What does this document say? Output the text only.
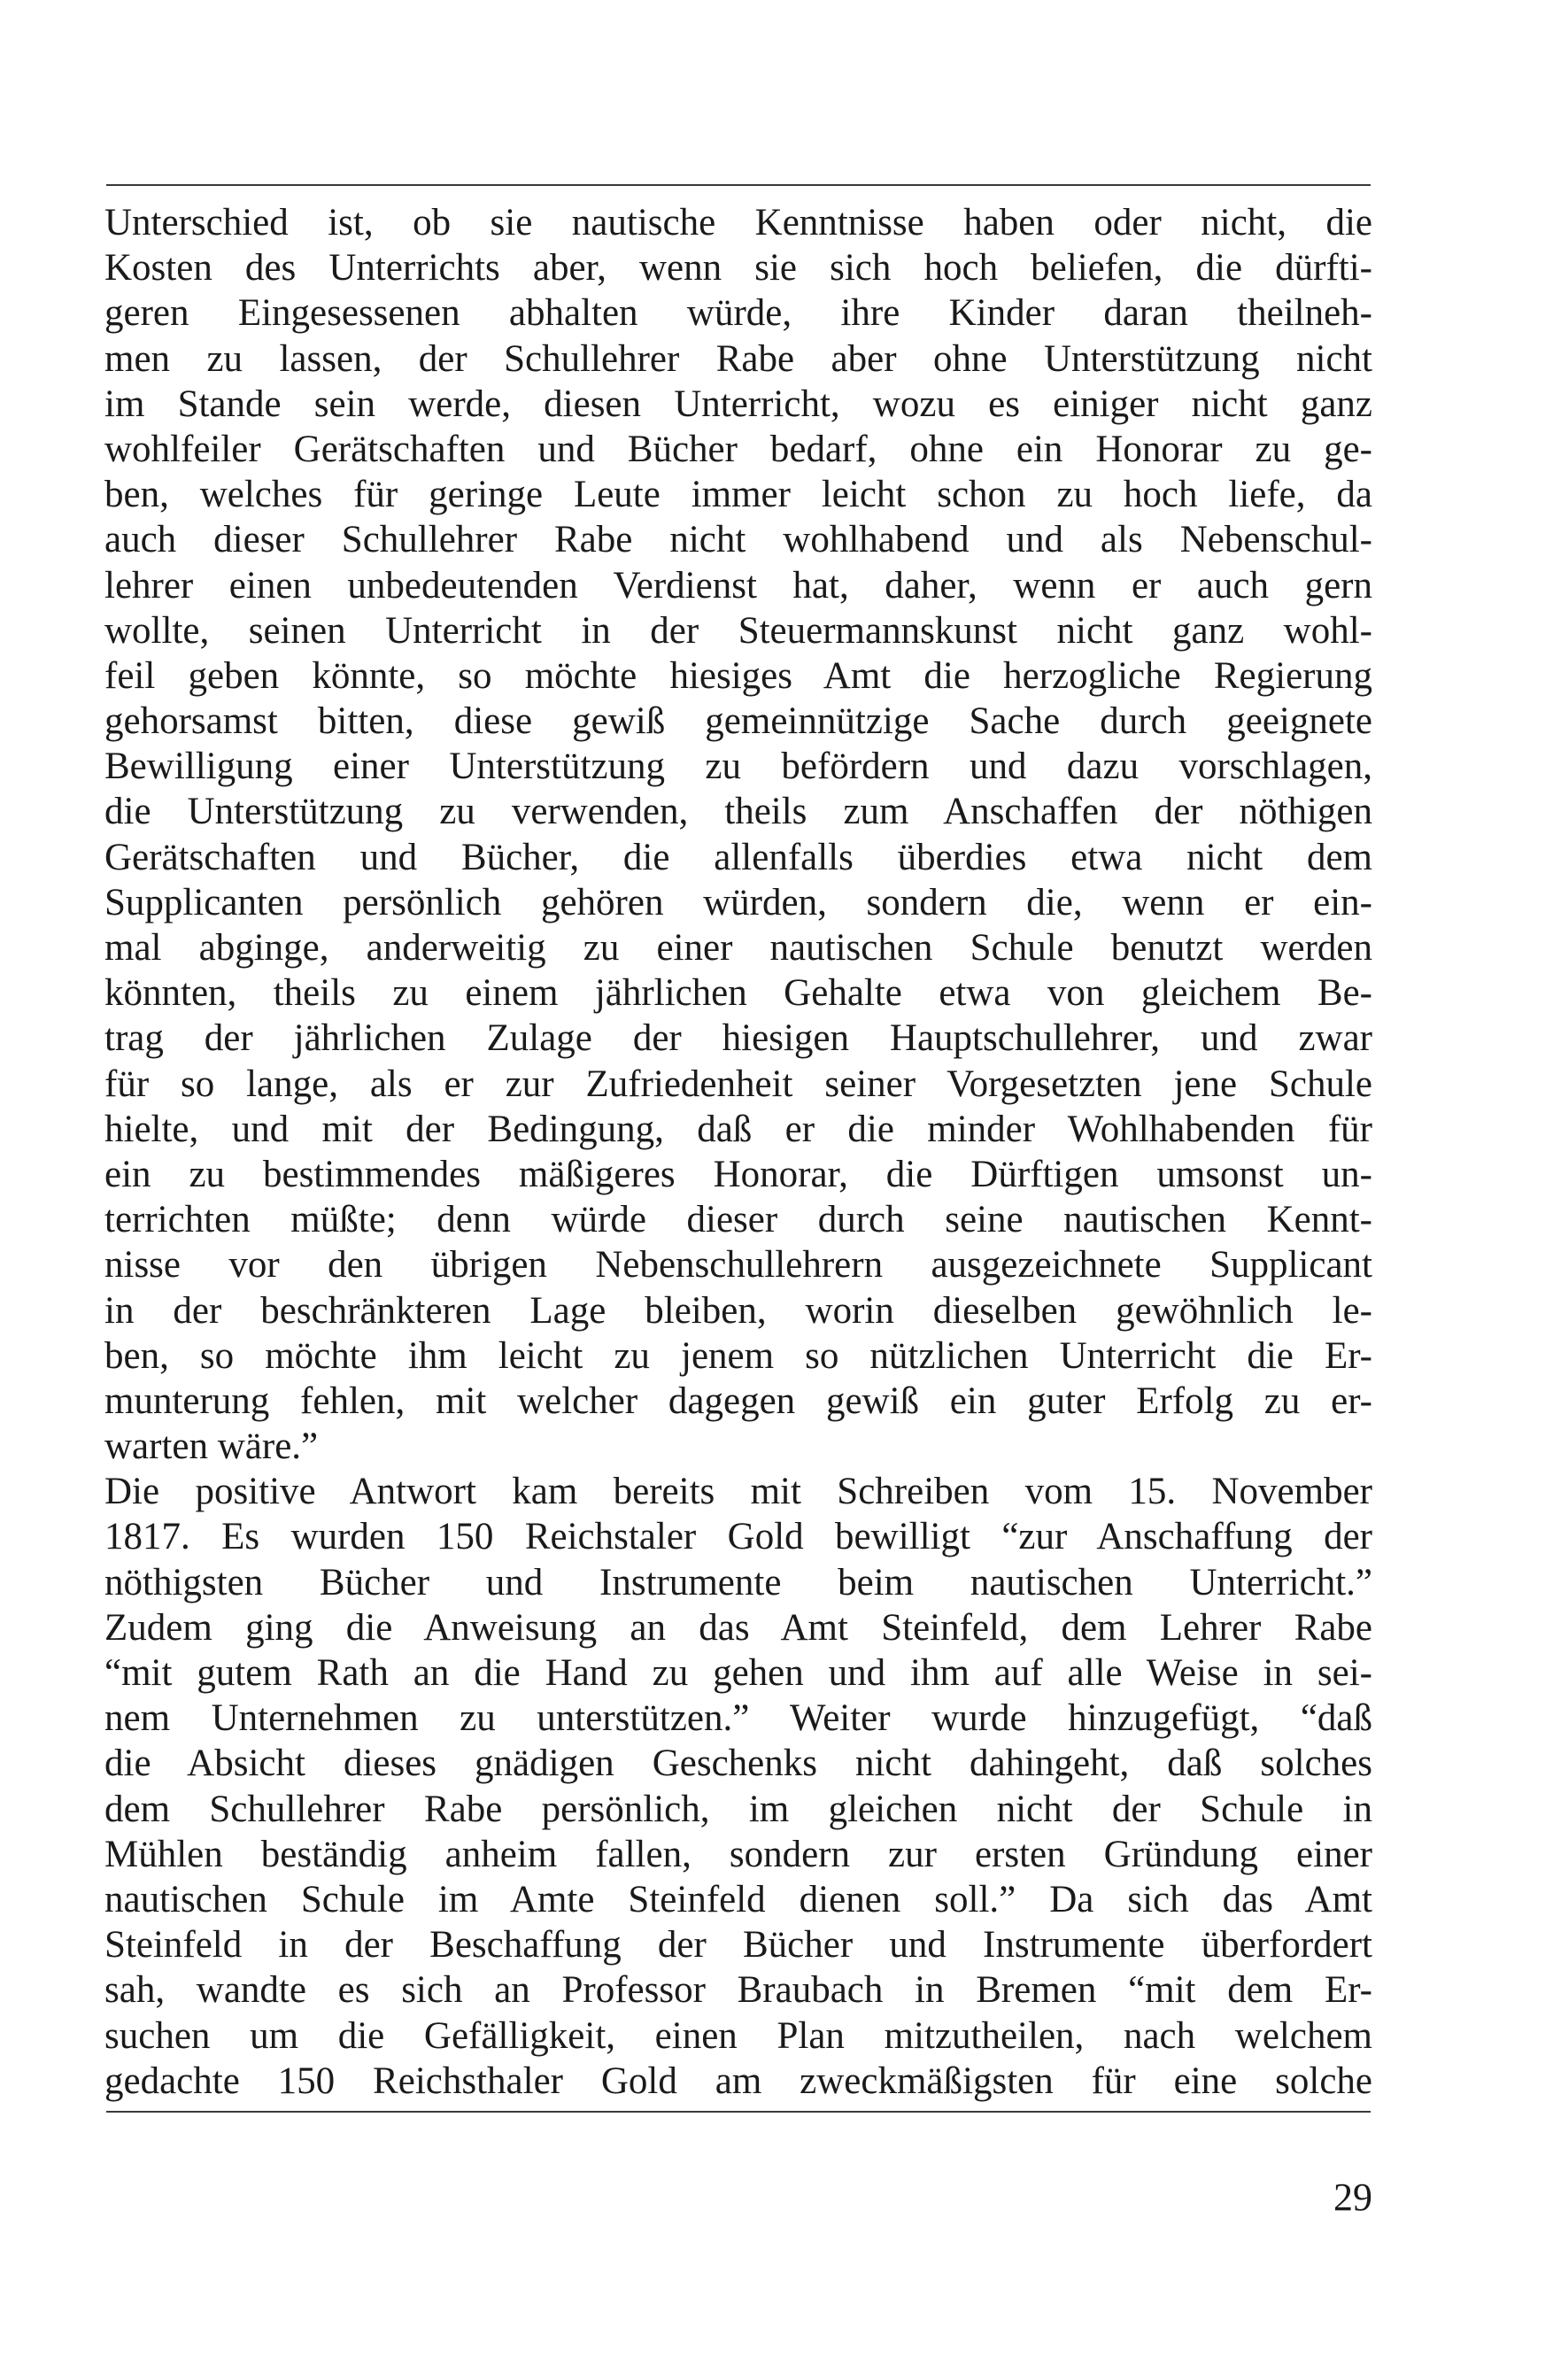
Unterschied ist, ob sie nautische Kenntnisse haben oder nicht, die
Kosten des Unterrichts aber, wenn sie sich hoch beliefen, die dürfti-
geren Eingesessenen abhalten würde, ihre Kinder daran theilneh-
men zu lassen, der Schullehrer Rabe aber ohne Unterstützung nicht
im Stande sein werde, diesen Unterricht, wozu es einiger nicht ganz
wohlfeiler Gerätschaften und Bücher bedarf, ohne ein Honorar zu ge-
ben, welches für geringe Leute immer leicht schon zu hoch liefe, da
auch dieser Schullehrer Rabe nicht wohlhabend und als Nebenschul-
lehrer einen unbedeutenden Verdienst hat, daher, wenn er auch gern
wollte, seinen Unterricht in der Steuermannskunst nicht ganz wohl-
feil geben könnte, so möchte hiesiges Amt die herzogliche Regierung
gehorsamst bitten, diese gewiß gemeinnützige Sache durch geeignete
Bewilligung einer Unterstützung zu befördern und dazu vorschlagen,
die Unterstützung zu verwenden, theils zum Anschaffen der nöthigen
Gerätschaften und Bücher, die allenfalls überdies etwa nicht dem
Supplicanten persönlich gehören würden, sondern die, wenn er ein-
mal abginge, anderweitig zu einer nautischen Schule benutzt werden
könnten, theils zu einem jährlichen Gehalte etwa von gleichem Be-
trag der jährlichen Zulage der hiesigen Hauptschullehrer, und zwar
für so lange, als er zur Zufriedenheit seiner Vorgesetzten jene Schule
hielte, und mit der Bedingung, daß er die minder Wohlhabenden für
ein zu bestimmendes mäßigeres Honorar, die Dürftigen umsonst un-
terrichten müßte; denn würde dieser durch seine nautischen Kennt-
nisse vor den übrigen Nebenschullehrern ausgezeichnete Supplicant
in der beschränkteren Lage bleiben, worin dieselben gewöhnlich le-
ben, so möchte ihm leicht zu jenem so nützlichen Unterricht die Er-
munterung fehlen, mit welcher dagegen gewiß ein guter Erfolg zu er-
warten wäre.”
Die positive Antwort kam bereits mit Schreiben vom 15. November
1817. Es wurden 150 Reichstaler Gold bewilligt “zur Anschaffung der
nöthigsten Bücher und Instrumente beim nautischen Unterricht.”
Zudem ging die Anweisung an das Amt Steinfeld, dem Lehrer Rabe
“mit gutem Rath an die Hand zu gehen und ihm auf alle Weise in sei-
nem Unternehmen zu unterstützen.” Weiter wurde hinzugefügt, “daß
die Absicht dieses gnädigen Geschenks nicht dahingeht, daß solches
dem Schullehrer Rabe persönlich, im gleichen nicht der Schule in
Mühlen beständig anheim fallen, sondern zur ersten Gründung einer
nautischen Schule im Amte Steinfeld dienen soll.” Da sich das Amt
Steinfeld in der Beschaffung der Bücher und Instrumente überfordert
sah, wandte es sich an Professor Braubach in Bremen “mit dem Er-
suchen um die Gefälligkeit, einen Plan mitzutheilen, nach welchem
gedachte 150 Reichsthaler Gold am zweckmäßigsten für eine solche
29
